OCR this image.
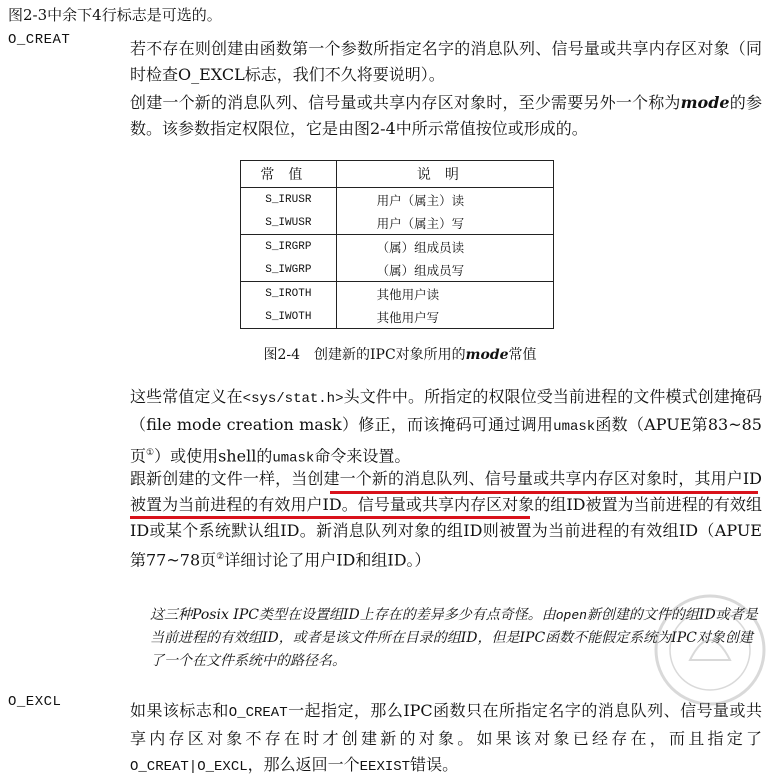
图2-3中余下4行标志是可选的。
O_CREAT	若不存在则创建由函数第一个参数所指定名字的消息队列、信号量或共享内存区对象（同时检查O_EXCL标志，我们不久将要说明）。

创建一个新的消息队列、信号量或共享内存区对象时，至少需要另外一个称为mode的参数。该参数指定权限位，它是由图2-4中所示常值按位或形成的。

常值	说明
S_IRUSR	用户（属主）读
S_IWUSR	用户（属主）写
S_IRGRP	（属）组成员读
S_IWGRP	（属）组成员写
S_IROTH	其他用户读
S_IWOTH	其他用户写
图2-4　创建新的IPC对象所用的mode常值

这些常值定义在<sys/stat.h>头文件中。所指定的权限位受当前进程的文件模式创建掩码（file mode creation mask）修正，而该掩码可通过调用umask函数（APUE第83~85页①）或使用shell的umask命令来设置。

跟新创建的文件一样，当创建一个新的消息队列、信号量或共享内存区对象时，其用户ID被置为当前进程的有效用户ID。信号量或共享内存区对象的组ID被置为当前进程的有效组ID或某个系统默认组ID。新消息队列对象的组ID则被置为当前进程的有效组ID（APUE第77~78页②详细讨论了用户ID和组ID。）

这三种Posix IPC类型在设置组ID上存在的差异多少有点奇怪。由open新创建的文件的组ID或者是当前进程的有效组ID，或者是该文件所在目录的组ID，但是IPC函数不能假定系统为IPC对象创建了一个在文件系统中的路径名。

O_EXCL	如果该标志和O_CREAT一起指定，那么IPC函数只在所指定名字的消息队列、信号量或共享内存区对象不存在时才创建新的对象。如果该对象已经存在，而且指定了O_CREAT|O_EXCL，那么返回一个EEXIST错误。
